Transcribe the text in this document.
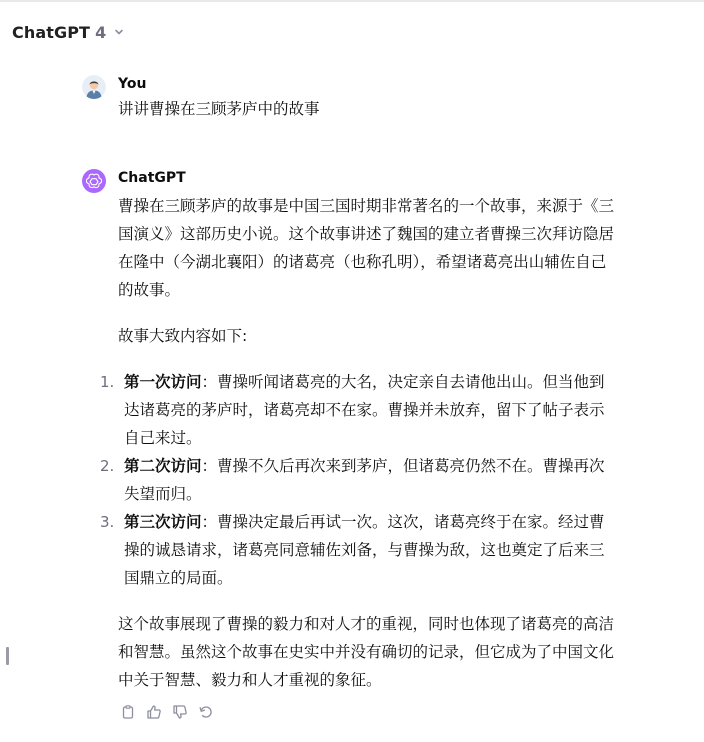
ChatGPT 4
You
讲讲曹操在三顾茅庐中的故事
ChatGPT

曹操在三顾茅庐的故事是中国三国时期非常著名的一个故事，来源于《三
国演义》这部历史小说。这个故事讲述了魏国的建立者曹操三次拜访隐居
在隆中（今湖北襄阳）的诸葛亮（也称孔明），希望诸葛亮出山辅佐自己
的故事。

故事大致内容如下:

1. 第一次访问：曹操听闻诸葛亮的大名，决定亲自去请他出山。但当他到
达诸葛亮的茅庐时，诸葛亮却不在家。曹操并未放弃，留下了帖子表示
自己来过。
2. 第二次访问：曹操不久后再次来到茅庐，但诸葛亮仍然不在。曹操再次
失望而归。
3. 第三次访问：曹操决定最后再试一次。这次，诸葛亮终于在家。经过曹
操的诚恳请求，诸葛亮同意辅佐刘备，与曹操为敌，这也奠定了后来三
国鼎立的局面。

这个故事展现了曹操的毅力和对人才的重视，同时也体现了诸葛亮的高洁
和智慧。虽然这个故事在史实中并没有确切的记录，但它成为了中国文化
中关于智慧、毅力和人才重视的象征。
